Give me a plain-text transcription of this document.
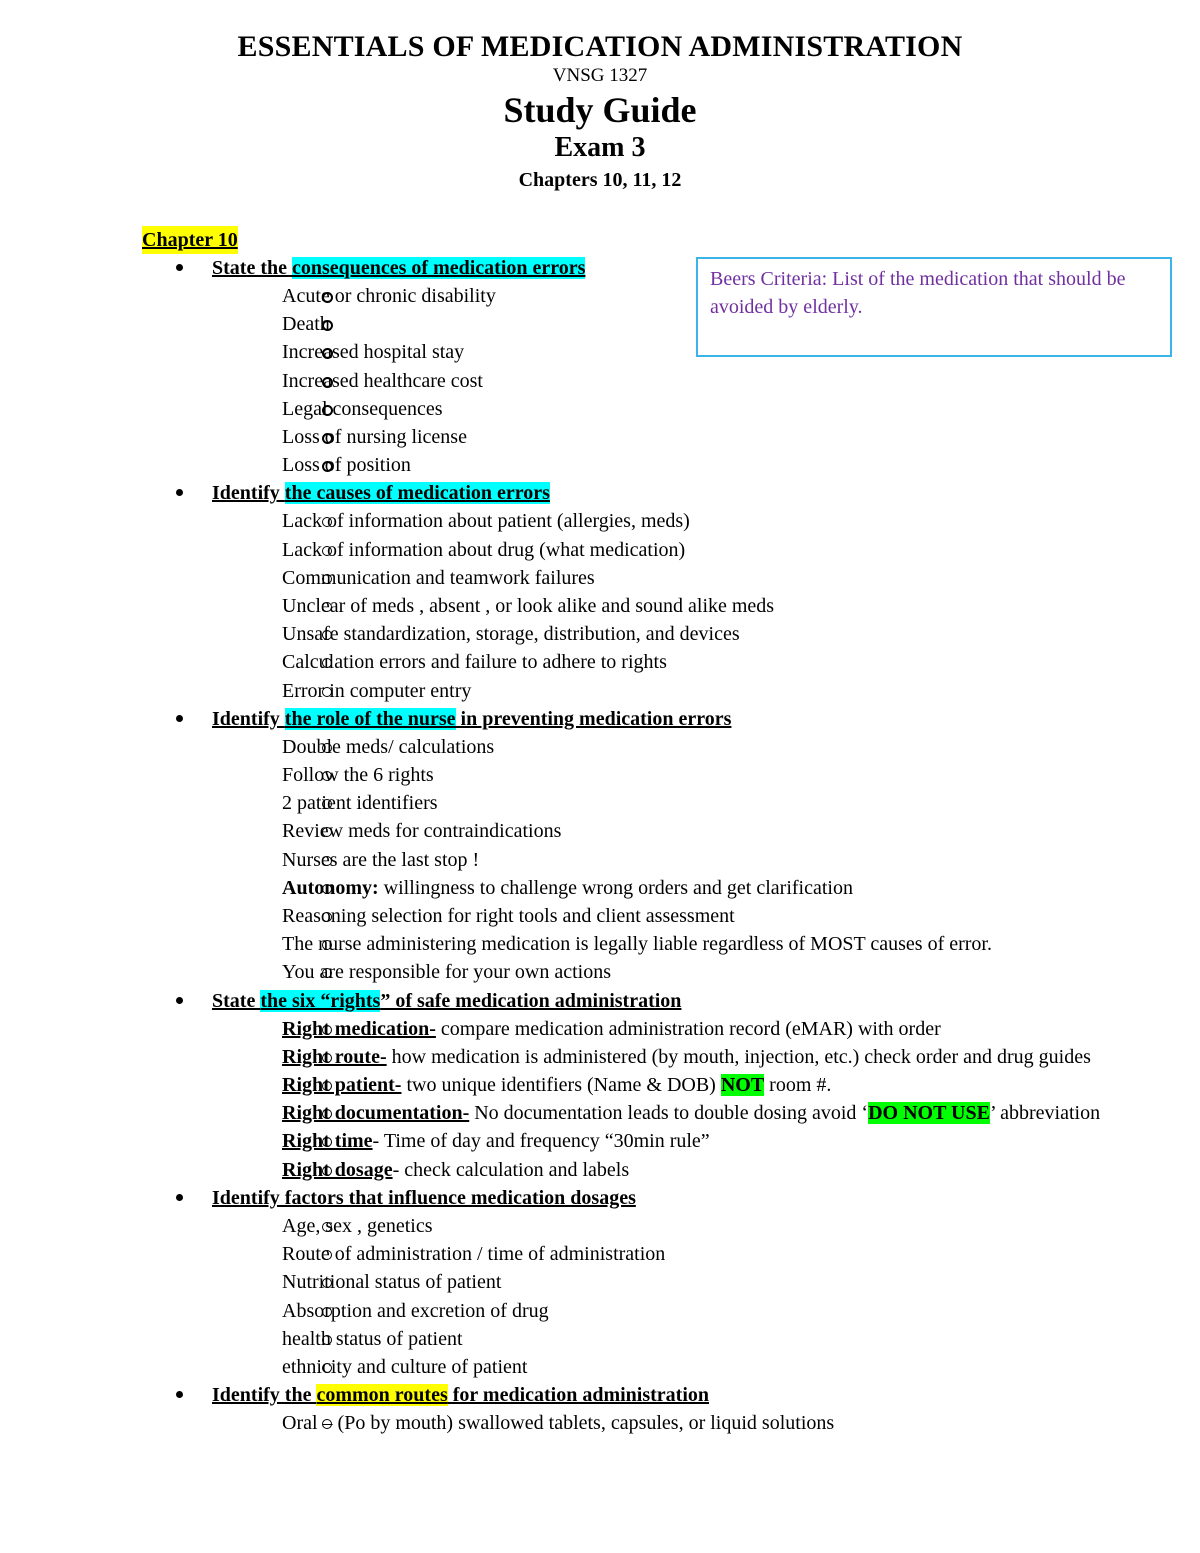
ESSENTIALS OF MEDICATION ADMINISTRATION
VNSG 1327
Study Guide
Exam 3
Chapters 10, 11, 12
Beers Criteria: List of the medication that should be avoided by elderly.
Chapter 10
State the consequences of medication errors
Acute or chronic disability
Death
Increased hospital stay
Increased healthcare cost
Legal consequences
Loss of nursing license
Loss of position
Identify the causes of medication errors
Lack of information about patient (allergies, meds)
Lack of information about drug (what medication)
Communication and teamwork failures
Unclear of meds , absent , or look alike and sound alike meds
Unsafe standardization, storage, distribution, and devices
Calculation errors and failure to adhere to rights
Error in computer entry
Identify the role of the nurse in preventing medication errors
Double meds/ calculations
Follow the 6 rights
2 patient identifiers
Review meds for contraindications
Nurses are the last stop !
Autonomy: willingness to challenge wrong orders and get clarification
Reasoning selection for right tools and client assessment
The nurse administering medication is legally liable regardless of MOST causes of error.
You are responsible for your own actions
State the six “rights” of safe medication administration
Right medication- compare medication administration record (eMAR) with order
Right route- how medication is administered (by mouth, injection, etc.) check order and drug guides
Right patient- two unique identifiers (Name & DOB) NOT room #.
Right documentation- No documentation leads to double dosing avoid ‘DO NOT USE’ abbreviation
Right time- Time of day and frequency “30min rule”
Right dosage- check calculation and labels
Identify factors that influence medication dosages
Age, sex , genetics
Route of administration / time of administration
Nutritional status of patient
Absorption and excretion of drug
health status of patient
ethnicity and culture of patient
Identify the common routes for medication administration
Oral – (Po by mouth) swallowed tablets, capsules, or liquid solutions
